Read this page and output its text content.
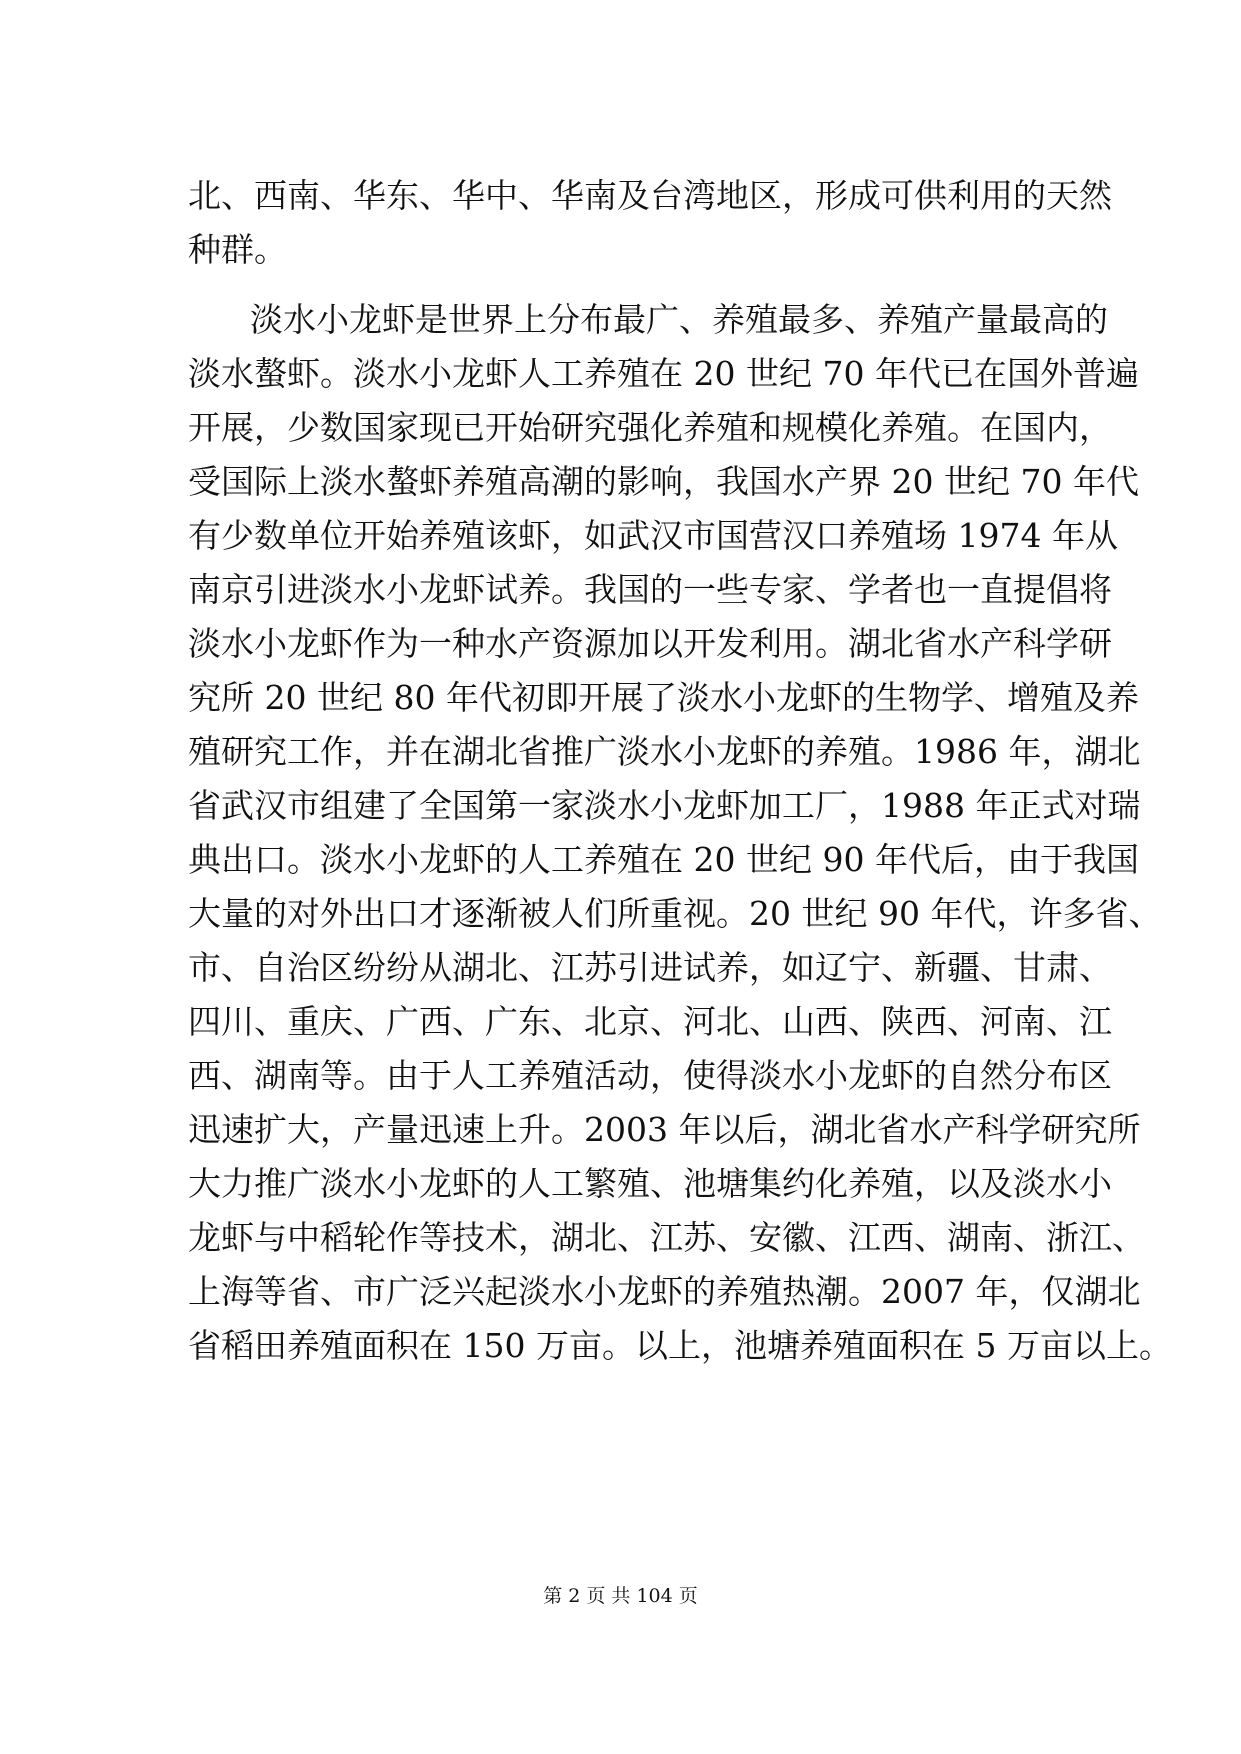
北、西南、华东、华中、华南及台湾地区，形成可供利用的天然
种群。
淡水小龙虾是世界上分布最广、养殖最多、养殖产量最高的
淡水螯虾。淡水小龙虾人工养殖在 20 世纪 70 年代已在国外普遍
开展，少数国家现已开始研究强化养殖和规模化养殖。在国内，
受国际上淡水螯虾养殖高潮的影响，我国水产界 20 世纪 70 年代
有少数单位开始养殖该虾，如武汉市国营汉口养殖场 1974 年从
南京引进淡水小龙虾试养。我国的一些专家、学者也一直提倡将
淡水小龙虾作为一种水产资源加以开发利用。湖北省水产科学研
究所 20 世纪 80 年代初即开展了淡水小龙虾的生物学、增殖及养
殖研究工作，并在湖北省推广淡水小龙虾的养殖。1986 年，湖北
省武汉市组建了全国第一家淡水小龙虾加工厂，1988 年正式对瑞
典出口。淡水小龙虾的人工养殖在 20 世纪 90 年代后，由于我国
大量的对外出口才逐渐被人们所重视。20 世纪 90 年代，许多省、
市、自治区纷纷从湖北、江苏引进试养，如辽宁、新疆、甘肃、
四川、重庆、广西、广东、北京、河北、山西、陕西、河南、江
西、湖南等。由于人工养殖活动，使得淡水小龙虾的自然分布区
迅速扩大，产量迅速上升。2003 年以后，湖北省水产科学研究所
大力推广淡水小龙虾的人工繁殖、池塘集约化养殖，以及淡水小
龙虾与中稻轮作等技术，湖北、江苏、安徽、江西、湖南、浙江、
上海等省、市广泛兴起淡水小龙虾的养殖热潮。2007 年，仅湖北
省稻田养殖面积在 150 万亩。以上，池塘养殖面积在 5 万亩以上。
第 2 页 共 104 页
